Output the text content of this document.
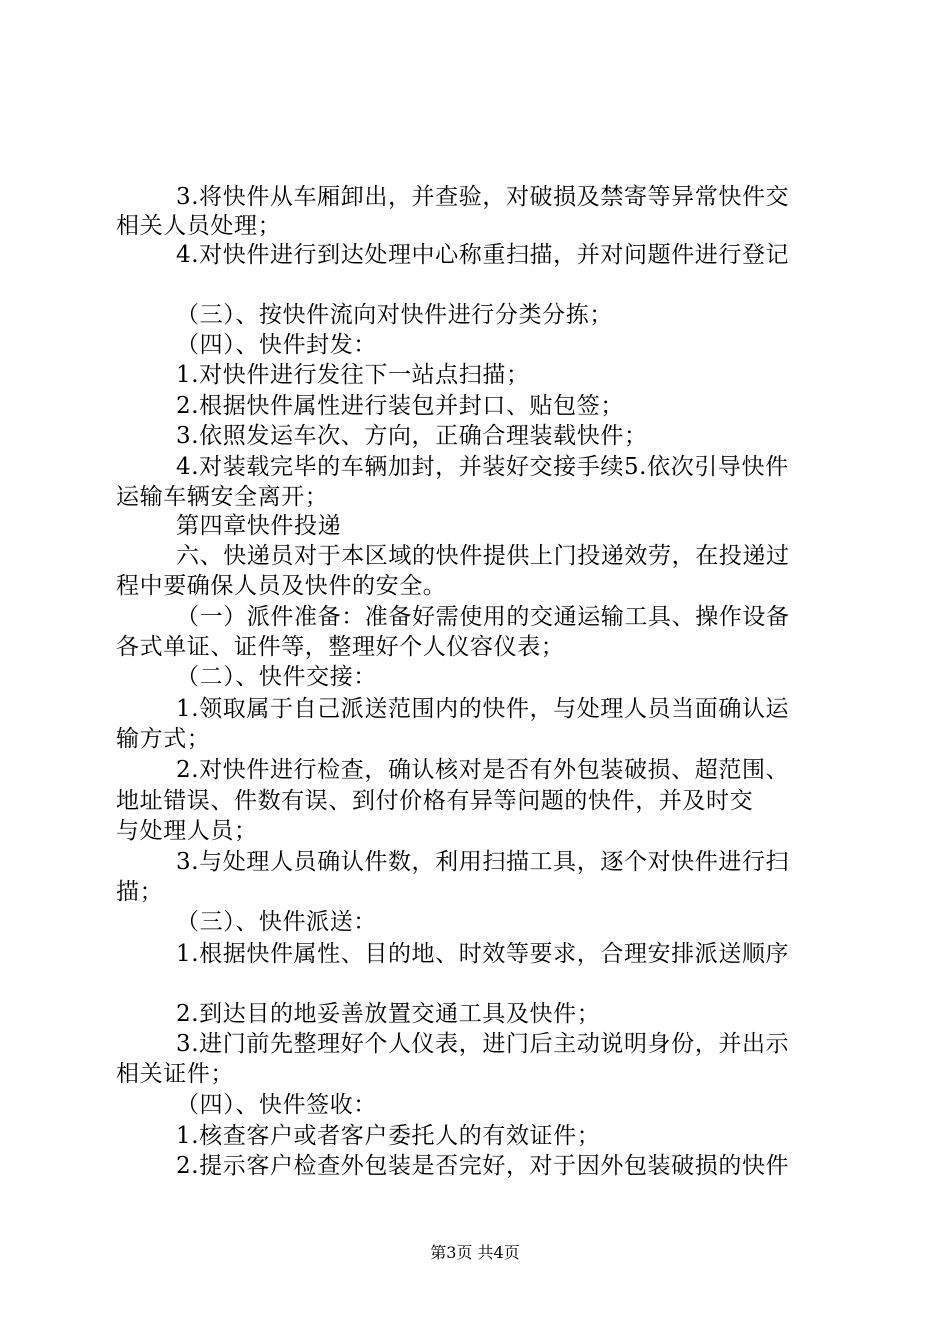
3.将快件从车厢卸出，并查验，对破损及禁寄等异常快件交
相关人员处理；
4.对快件进行到达处理中心称重扫描，并对问题件进行登记
（三）、按快件流向对快件进行分类分拣；
（四）、快件封发：
1.对快件进行发往下一站点扫描；
2.根据快件属性进行装包并封口、贴包签；
3.依照发运车次、方向，正确合理装载快件；
4.对装载完毕的车辆加封，并装好交接手续5.依次引导快件
运输车辆安全离开；
第四章快件投递
六、快递员对于本区域的快件提供上门投递效劳，在投递过
程中要确保人员及快件的安全。
（一）派件准备：准备好需使用的交通运输工具、操作设备
各式单证、证件等，整理好个人仪容仪表；
（二）、快件交接：
1.领取属于自己派送范围内的快件，与处理人员当面确认运
输方式；
2.对快件进行检查，确认核对是否有外包装破损、超范围、
地址错误、件数有误、到付价格有异等问题的快件，并及时交
与处理人员；
3.与处理人员确认件数，利用扫描工具，逐个对快件进行扫
描；
（三）、快件派送：
1.根据快件属性、目的地、时效等要求，合理安排派送顺序
2.到达目的地妥善放置交通工具及快件；
3.进门前先整理好个人仪表，进门后主动说明身份，并出示
相关证件；
（四）、快件签收：
1.核查客户或者客户委托人的有效证件；
2.提示客户检查外包装是否完好，对于因外包装破损的快件
第3页 共4页
